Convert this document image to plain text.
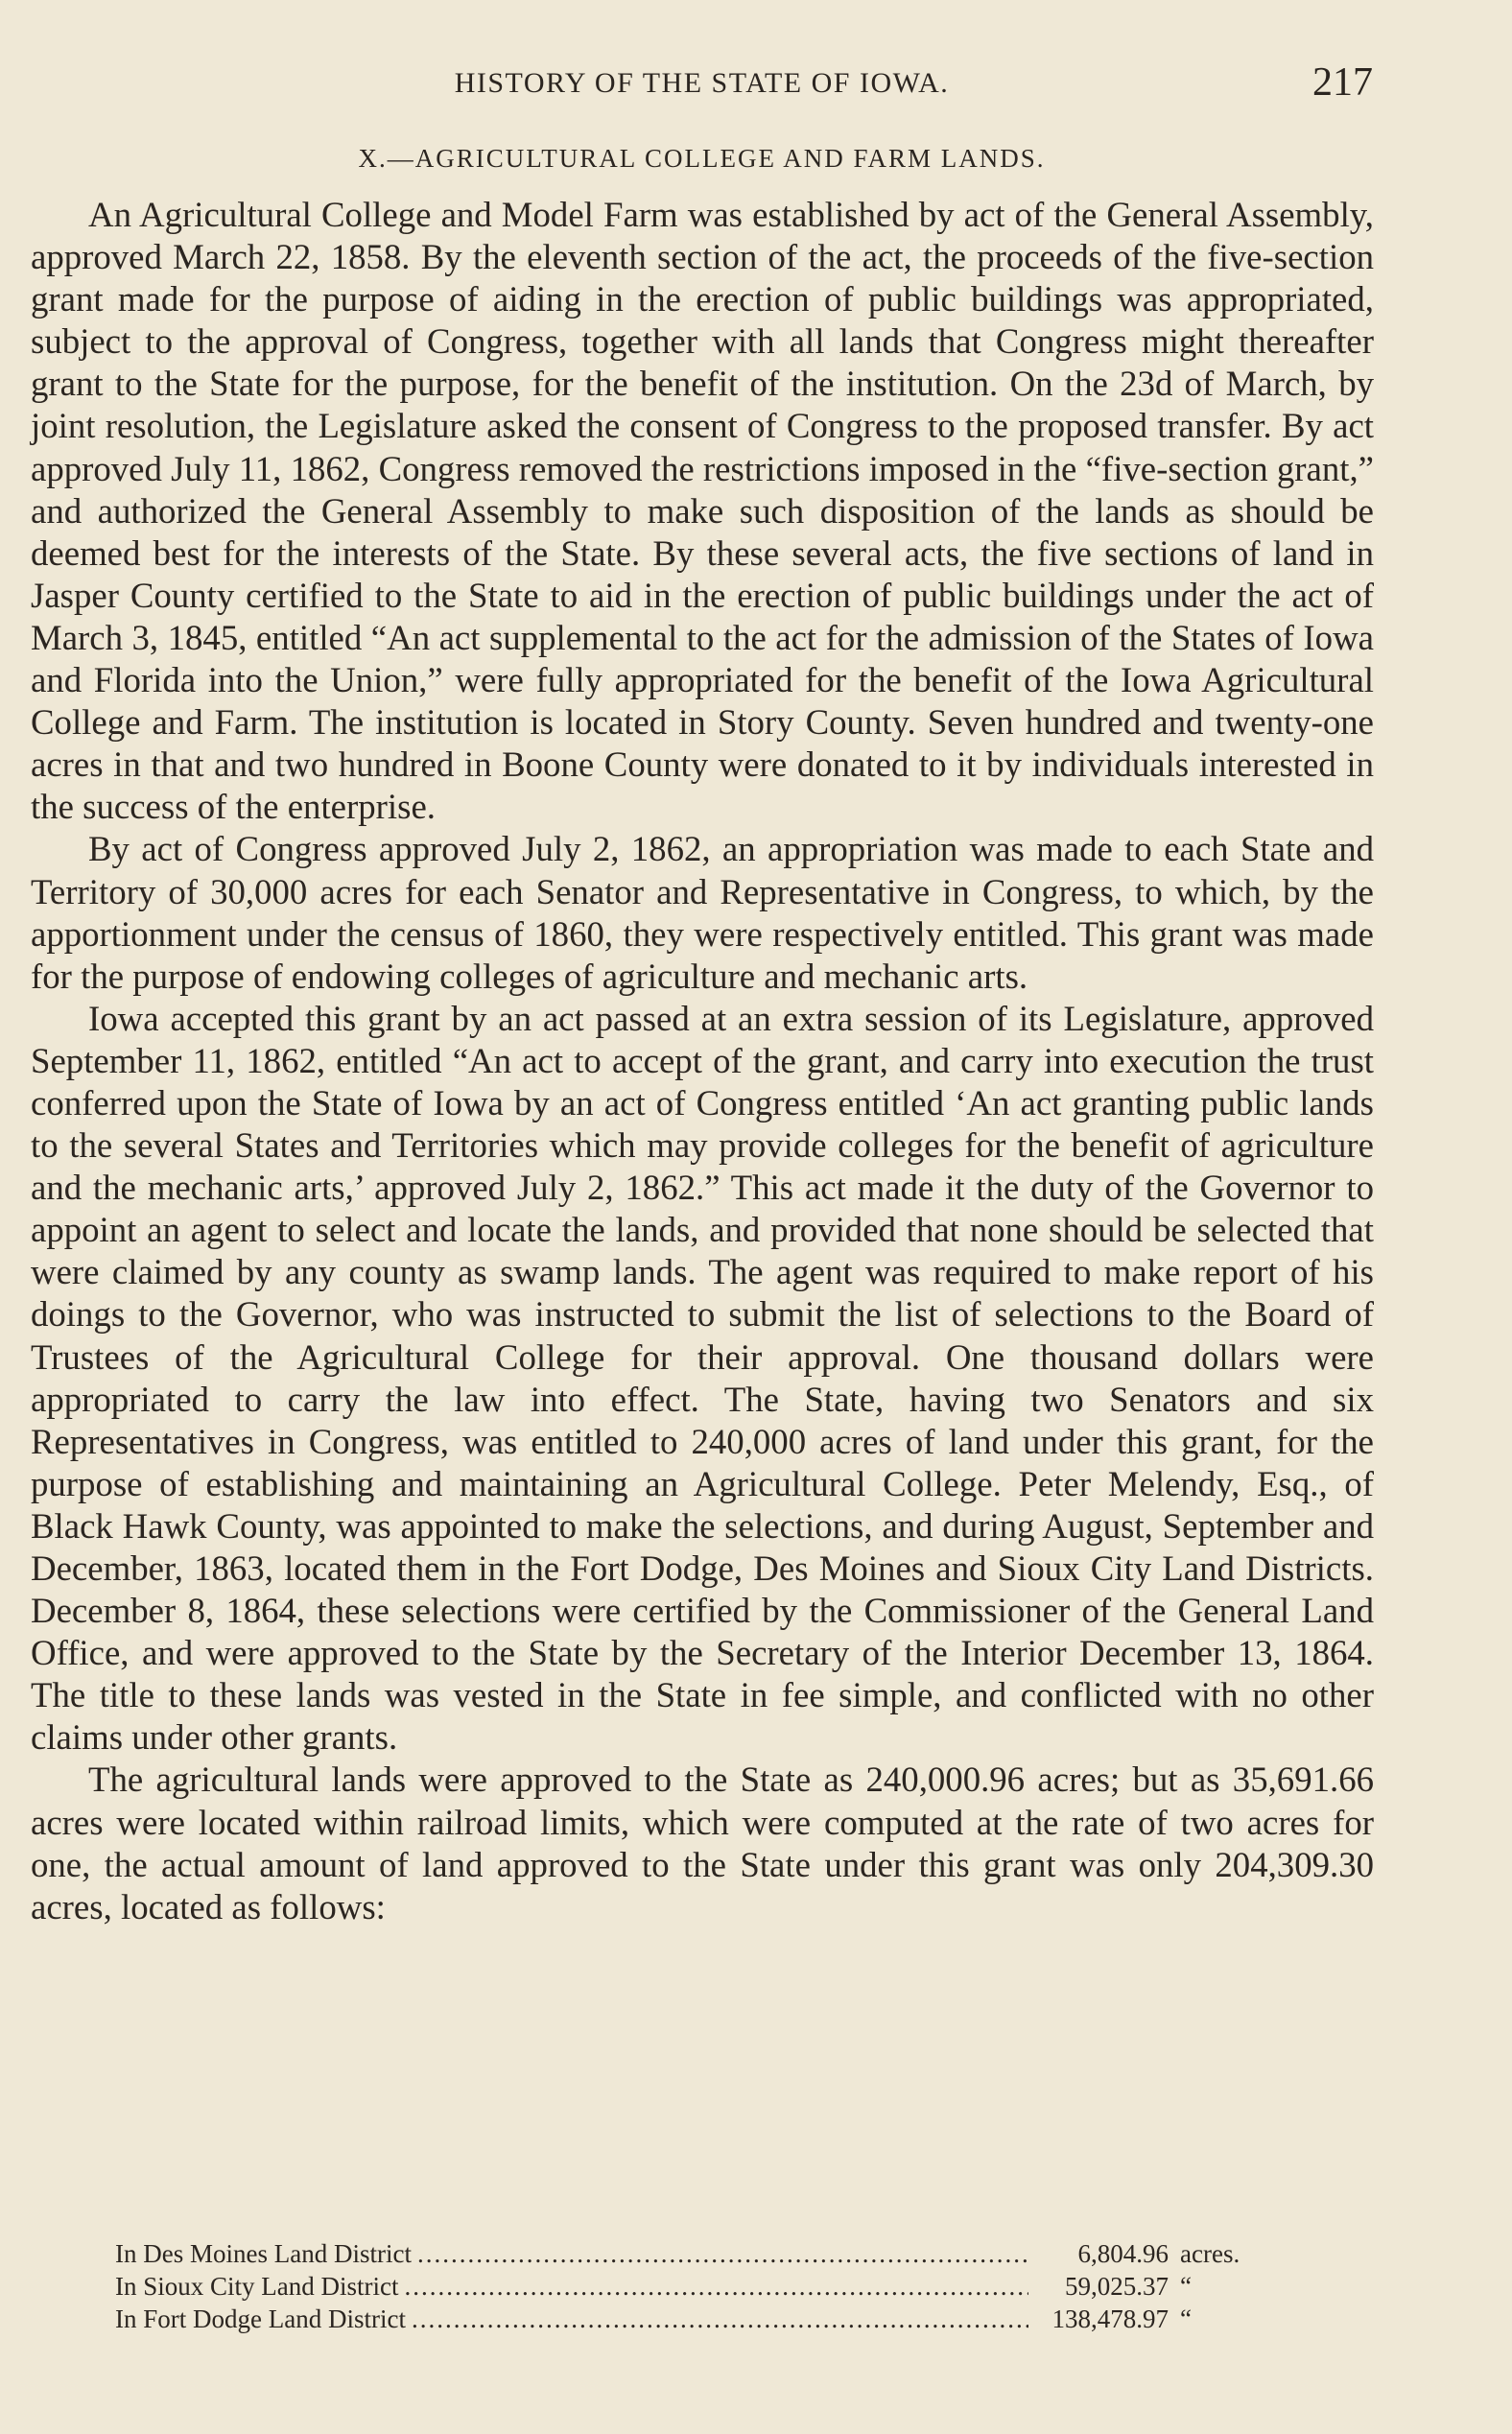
HISTORY OF THE STATE OF IOWA.	217
X.—AGRICULTURAL COLLEGE AND FARM LANDS.

An Agricultural College and Model Farm was established by act of the General Assembly, approved March 22, 1858. By the eleventh section of the act, the proceeds of the five-section grant made for the purpose of aiding in the erection of public buildings was appropriated, subject to the approval of Congress, together with all lands that Congress might thereafter grant to the State for the purpose, for the benefit of the institution. On the 23d of March, by joint resolution, the Legislature asked the consent of Congress to the proposed transfer. By act approved July 11, 1862, Congress removed the restrictions imposed in the “five-section grant,” and authorized the General Assembly to make such disposition of the lands as should be deemed best for the interests of the State. By these several acts, the five sections of land in Jasper County certified to the State to aid in the erection of public buildings under the act of March 3, 1845, entitled “An act supplemental to the act for the admission of the States of Iowa and Florida into the Union,” were fully appropriated for the benefit of the Iowa Agricultural College and Farm. The institution is located in Story County. Seven hundred and twenty-one acres in that and two hundred in Boone County were donated to it by individuals interested in the success of the enterprise.

By act of Congress approved July 2, 1862, an appropriation was made to each State and Territory of 30,000 acres for each Senator and Representative in Congress, to which, by the apportionment under the census of 1860, they were respectively entitled. This grant was made for the purpose of endowing colleges of agriculture and mechanic arts.

Iowa accepted this grant by an act passed at an extra session of its Legislature, approved September 11, 1862, entitled “An act to accept of the grant, and carry into execution the trust conferred upon the State of Iowa by an act of Congress entitled ‘An act granting public lands to the several States and Territories which may provide colleges for the benefit of agriculture and the mechanic arts,’ approved July 2, 1862.” This act made it the duty of the Governor to appoint an agent to select and locate the lands, and provided that none should be selected that were claimed by any county as swamp lands. The agent was required to make report of his doings to the Governor, who was instructed to submit the list of selections to the Board of Trustees of the Agricultural College for their approval. One thousand dollars were appropriated to carry the law into effect. The State, having two Senators and six Representatives in Congress, was entitled to 240,000 acres of land under this grant, for the purpose of establishing and maintaining an Agricultural College. Peter Melendy, Esq., of Black Hawk County, was appointed to make the selections, and during August, September and December, 1863, located them in the Fort Dodge, Des Moines and Sioux City Land Districts. December 8, 1864, these selections were certified by the Commissioner of the General Land Office, and were approved to the State by the Secretary of the Interior December 13, 1864. The title to these lands was vested in the State in fee simple, and conflicted with no other claims under other grants.

The agricultural lands were approved to the State as 240,000.96 acres; but as 35,691.66 acres were located within railroad limits, which were computed at the rate of two acres for one, the actual amount of land approved to the State under this grant was only 204,309.30 acres, located as follows:

In Des Moines Land District .....	6,804.96 acres.
In Sioux City Land District .....	59,025.37 “
In Fort Dodge Land District .....	138,478.97 “
